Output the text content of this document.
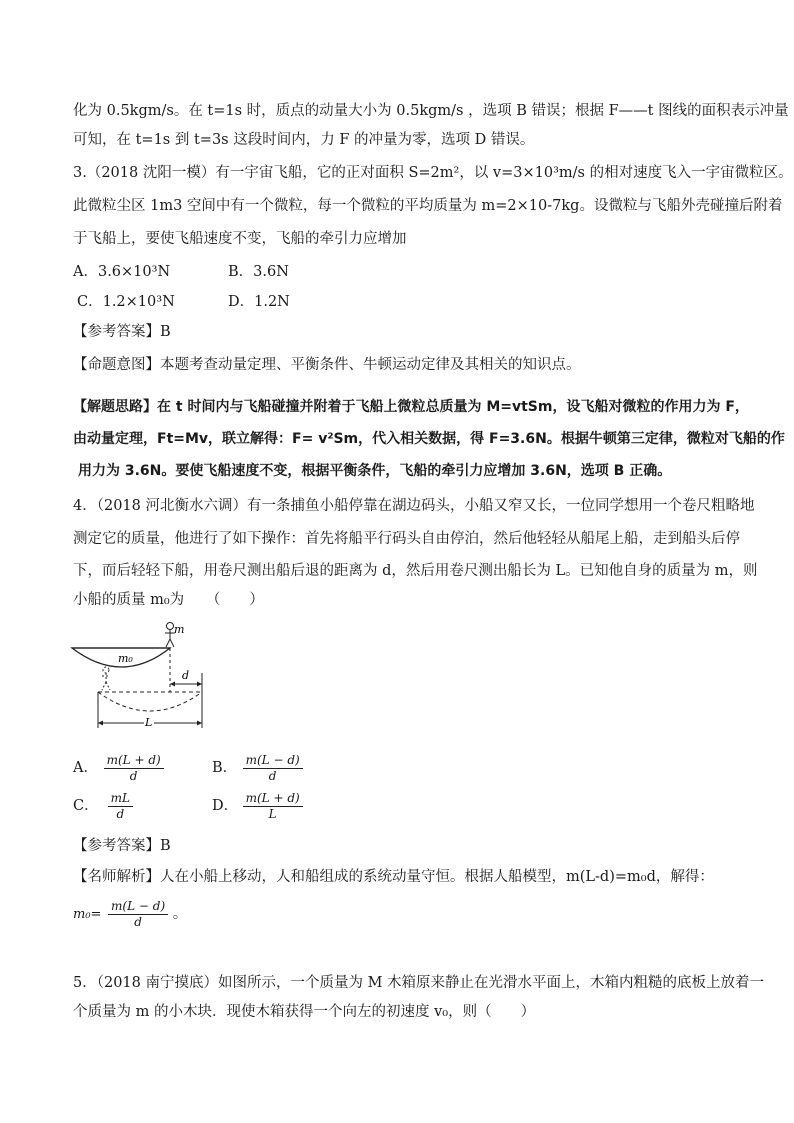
化为 0.5kgm/s。在 t=1s 时，质点的动量大小为 0.5kgm/s ，选项 B 错误；根据 F——t 图线的面积表示冲量
可知，在 t=1s 到 t=3s 这段时间内，力 F 的冲量为零，选项 D 错误。
3.（2018 沈阳一模）有一宇宙飞船，它的正对面积 S=2m²，以 v=3×10³m/s 的相对速度飞入一宇宙微粒区。
此微粒尘区 1m3 空间中有一个微粒，每一个微粒的平均质量为 m=2×10-7kg。设微粒与飞船外壳碰撞后附着
于飞船上，要使飞船速度不变，飞船的牵引力应增加
A．3.6×10³N	B．3.6N
C．1.2×10³N	D．1.2N
【参考答案】B
【命题意图】本题考查动量定理、平衡条件、牛顿运动定律及其相关的知识点。
【解题思路】在 t 时间内与飞船碰撞并附着于飞船上微粒总质量为 M=vtSm，设飞船对微粒的作用力为 F，
由动量定理，Ft=Mv，联立解得：F= v²Sm，代入相关数据，得 F=3.6N。根据牛顿第三定律，微粒对飞船的作
用力为 3.6N。要使飞船速度不变，根据平衡条件，飞船的牵引力应增加 3.6N，选项 B 正确。
4．（2018 河北衡水六调）有一条捕鱼小船停靠在湖边码头，小船又窄又长，一位同学想用一个卷尺粗略地
测定它的质量，他进行了如下操作：首先将船平行码头自由停泊，然后他轻轻从船尾上船，走到船头后停
下，而后轻轻下船，用卷尺测出船后退的距离为 d，然后用卷尺测出船长为 L。已知他自身的质量为 m，则
小船的质量 m₀为　　（　　）
m
m₀
d
L
A． $\frac{m(L + d)}{d}$	B． $\frac{m(L - d)}{d}$
C． $\frac{mL}{d}$	D． $\frac{m(L + d)}{L}$
【参考答案】B
【名师解析】人在小船上移动，人和船组成的系统动量守恒。根据人船模型，m(L-d)=m₀d，解得：
$m_0= \frac{m(L - d)}{d}$ 。
5．（2018 南宁摸底）如图所示，一个质量为 M 木箱原来静止在光滑水平面上，木箱内粗糙的底板上放着一
个质量为 m 的小木块．现使木箱获得一个向左的初速度 v₀，则（　　）
